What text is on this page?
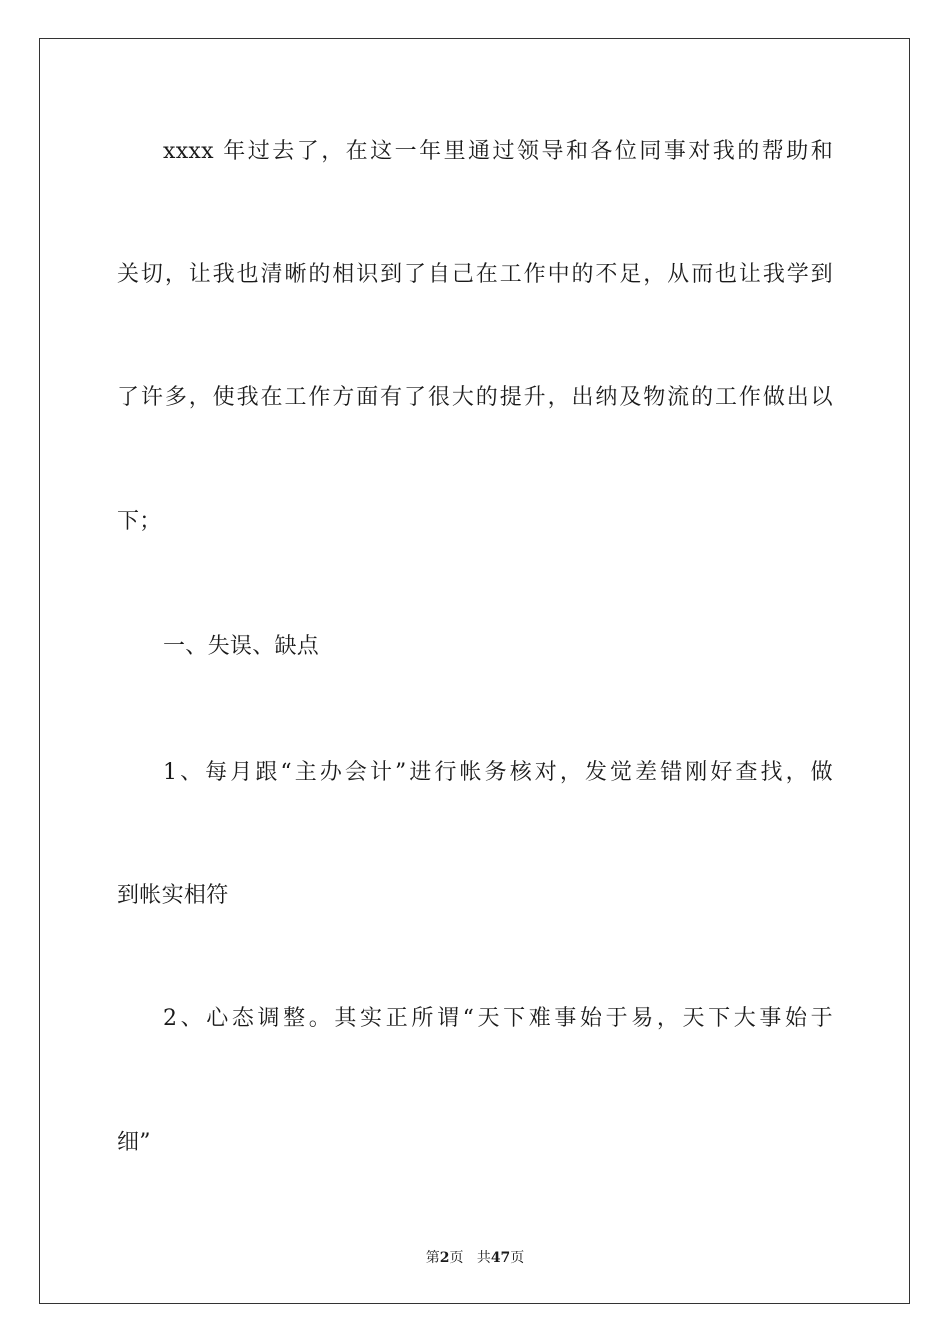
xxxx 年过去了，在这一年里通过领导和各位同事对我的帮助和
关切，让我也清晰的相识到了自己在工作中的不足，从而也让我学到
了许多，使我在工作方面有了很大的提升，出纳及物流的工作做出以
下；
一、失误、缺点
1、每月跟“主办会计”进行帐务核对，发觉差错刚好查找，做
到帐实相符
2、心态调整。其实正所谓“天下难事始于易，天下大事始于
细”
第2页 共47页
